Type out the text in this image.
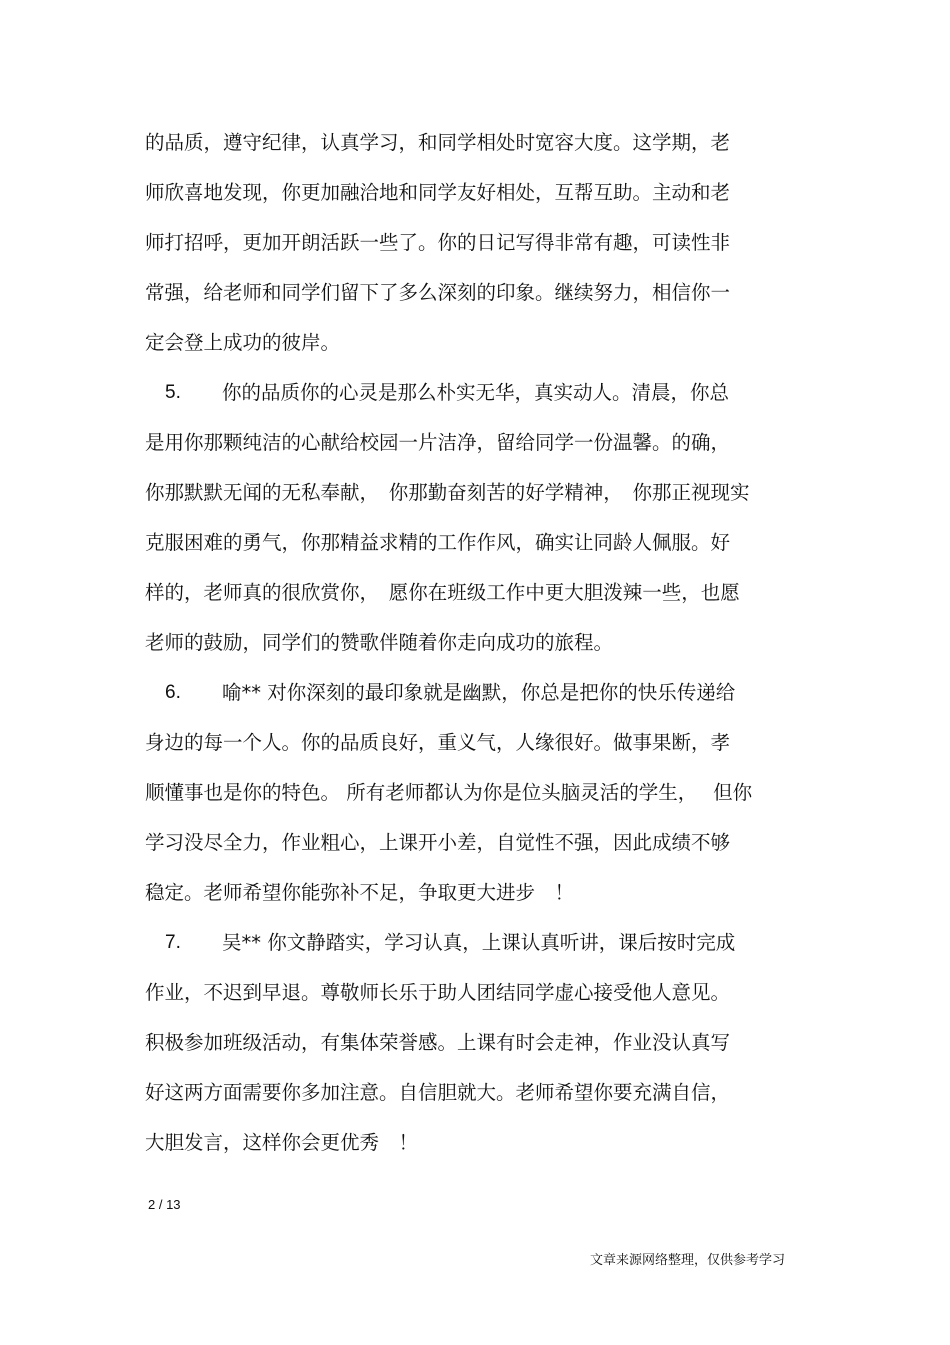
的品质，遵守纪律，认真学习，和同学相处时宽容大度。这学期，老
师欣喜地发现，你更加融洽地和同学友好相处，互帮互助。主动和老
师打招呼，更加开朗活跃一些了。你的日记写得非常有趣，可读性非
常强，给老师和同学们留下了多么深刻的印象。继续努力，相信你一
定会登上成功的彼岸。
5. 你的品质你的心灵是那么朴实无华，真实动人。清晨，你总
是用你那颗纯洁的心献给校园一片洁净，留给同学一份温馨。的确，
你那默默无闻的无私奉献，　你那勤奋刻苦的好学精神，　你那正视现实
克服困难的勇气，你那精益求精的工作作风，确实让同龄人佩服。好
样的，老师真的很欣赏你，　愿你在班级工作中更大胆泼辣一些，也愿
老师的鼓励，同学们的赞歌伴随着你走向成功的旅程。
6. 喻** 对你深刻的最印象就是幽默，你总是把你的快乐传递给
身边的每一个人。你的品质良好，重义气，人缘很好。做事果断，孝
顺懂事也是你的特色。 所有老师都认为你是位头脑灵活的学生，　 但你
学习没尽全力，作业粗心，上课开小差，自觉性不强，因此成绩不够
稳定。老师希望你能弥补不足，争取更大进步　！
7. 吴** 你文静踏实，学习认真，上课认真听讲，课后按时完成
作业，不迟到早退。尊敬师长乐于助人团结同学虚心接受他人意见。
积极参加班级活动，有集体荣誉感。上课有时会走神，作业没认真写
好这两方面需要你多加注意。自信胆就大。老师希望你要充满自信，
大胆发言，这样你会更优秀　！
2 / 13
文章来源网络整理，仅供参考学习
